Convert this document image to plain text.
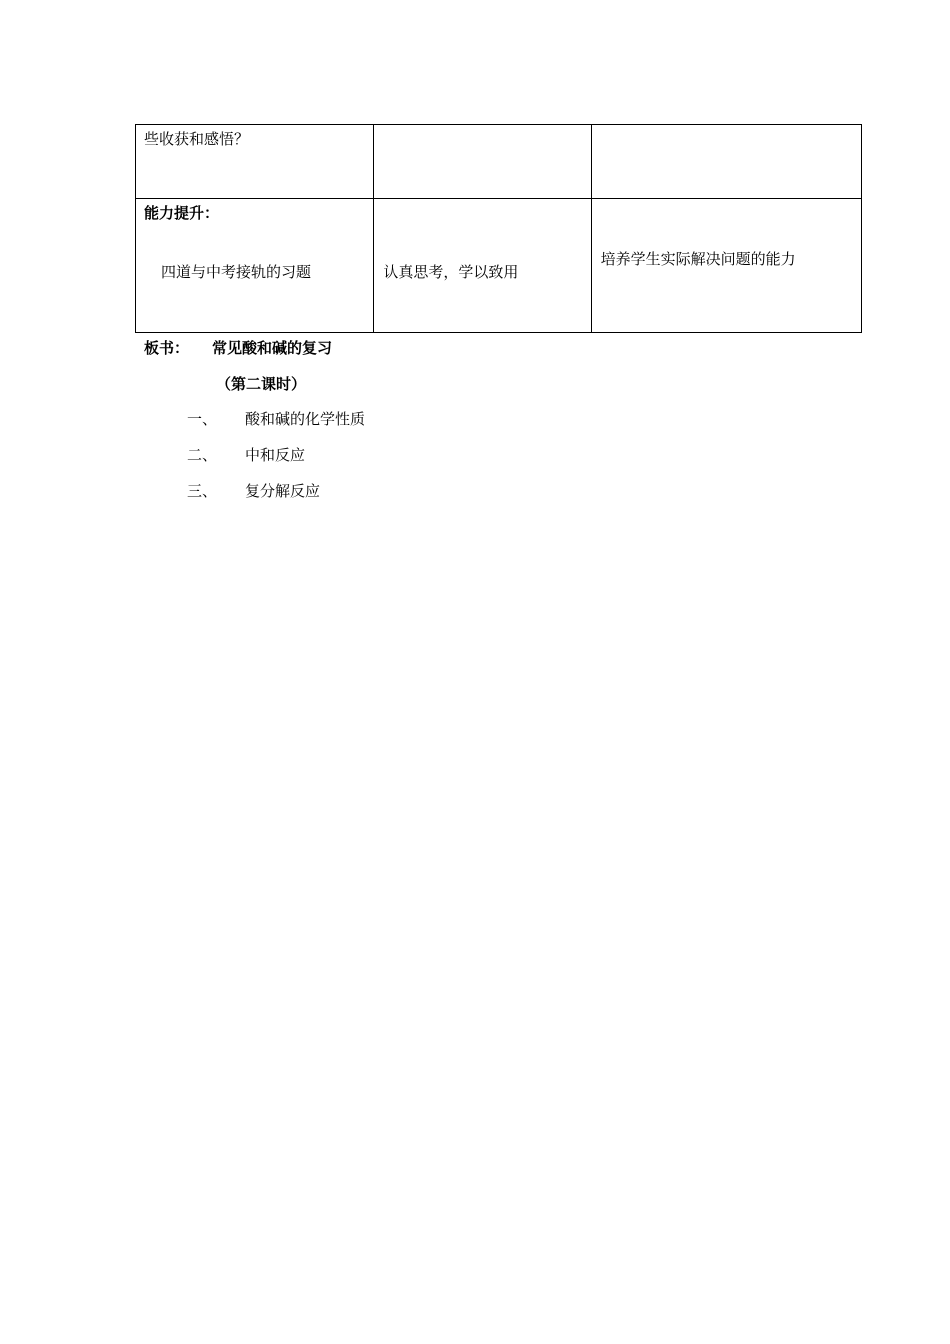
些收获和感悟？		

能力提升：
四道与中考接轨的习题	认真思考，学以致用	培养学生实际解决问题的能力
板书： 常见酸和碱的复习
（第二课时）
一、 酸和碱的化学性质
二、 中和反应
三、 复分解反应
